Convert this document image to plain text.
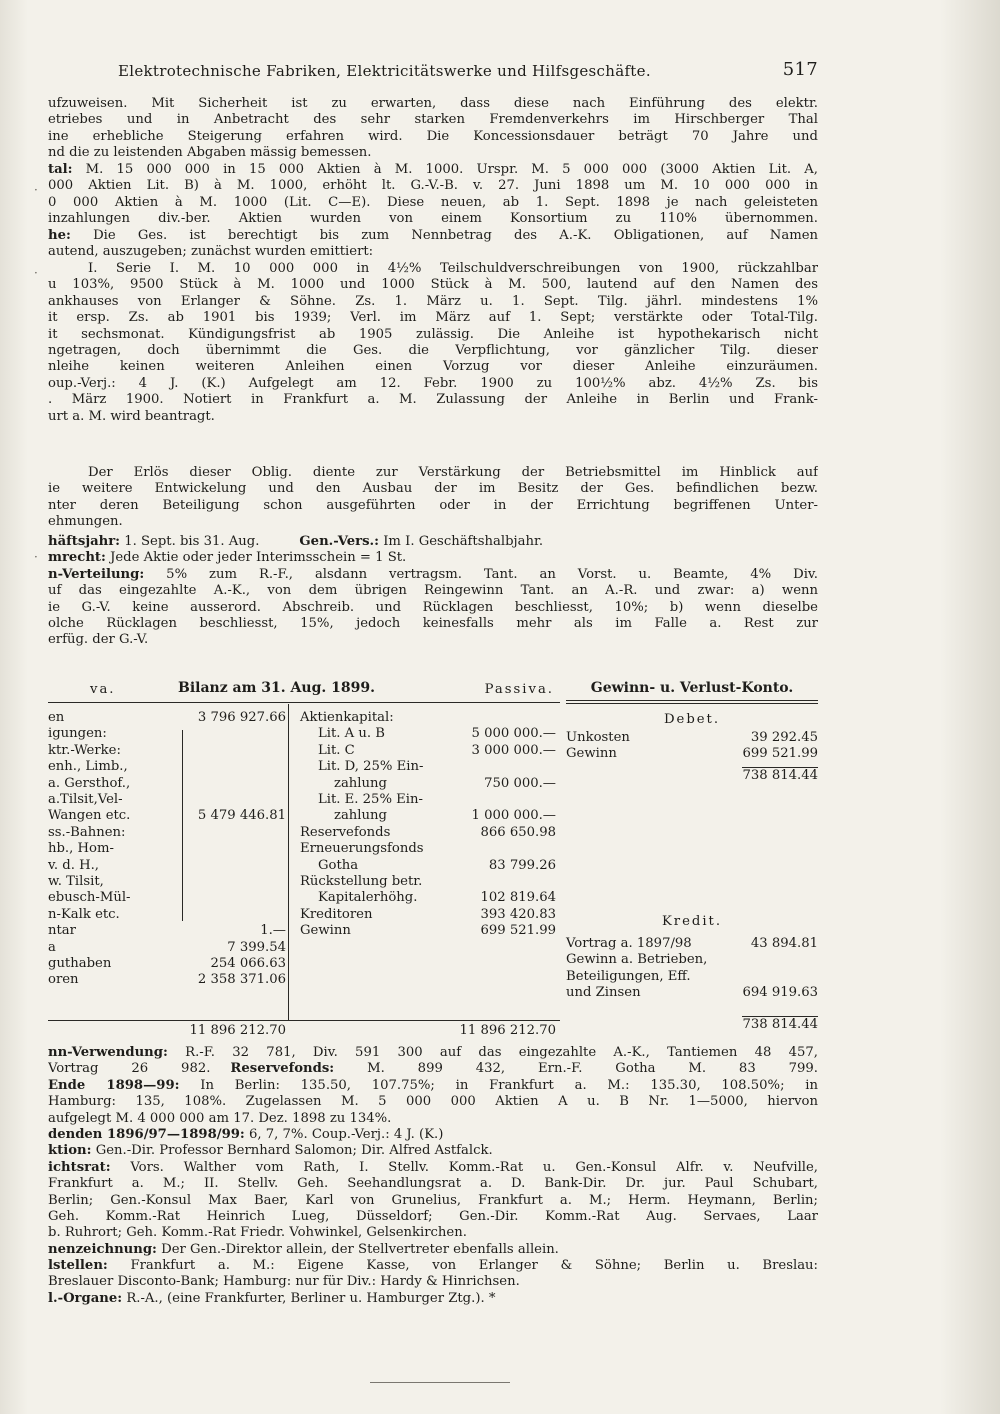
Elektrotechnische Fabriken, Elektricitätswerke und Hilfsgeschäfte.	517
ufzuweisen. Mit Sicherheit ist zu erwarten, dass diese nach Einführung des elektr.
etriebes und in Anbetracht des sehr starken Fremdenverkehrs im Hirschberger Thal
ine erhebliche Steigerung erfahren wird. Die Koncessionsdauer beträgt 70 Jahre und
nd die zu leistenden Abgaben mässig bemessen.
tal: M. 15 000 000 in 15 000 Aktien à M. 1000. Urspr. M. 5 000 000 (3000 Aktien Lit. A,
000 Aktien Lit. B) à M. 1000, erhöht lt. G.-V.-B. v. 27. Juni 1898 um M. 10 000 000 in
0 000 Aktien à M. 1000 (Lit. C—E). Diese neuen, ab 1. Sept. 1898 je nach geleisteten
inzahlungen div.-ber. Aktien wurden von einem Konsortium zu 110% übernommen.
he: Die Ges. ist berechtigt bis zum Nennbetrag des A.-K. Obligationen, auf Namen
autend, auszugeben; zunächst wurden emittiert:
I. Serie I. M. 10 000 000 in 4½% Teilschuldverschreibungen von 1900, rückzahlbar
u 103%, 9500 Stück à M. 1000 und 1000 Stück à M. 500, lautend auf den Namen des
ankhauses von Erlanger & Söhne. Zs. 1. März u. 1. Sept. Tilg. jährl. mindestens 1%
it ersp. Zs. ab 1901 bis 1939; Verl. im März auf 1. Sept; verstärkte oder Total-Tilg.
it sechsmonat. Kündigungsfrist ab 1905 zulässig. Die Anleihe ist hypothekarisch nicht
ngetragen, doch übernimmt die Ges. die Verpflichtung, vor gänzlicher Tilg. dieser
nleihe keinen weiteren Anleihen einen Vorzug vor dieser Anleihe einzuräumen.
oup.-Verj.: 4 J. (K.) Aufgelegt am 12. Febr. 1900 zu 100½% abz. 4½% Zs. bis
. März 1900. Notiert in Frankfurt a. M. Zulassung der Anleihe in Berlin und Frank-
urt a. M. wird beantragt.
Der Erlös dieser Oblig. diente zur Verstärkung der Betriebsmittel im Hinblick auf
ie weitere Entwickelung und den Ausbau der im Besitz der Ges. befindlichen bezw.
nter deren Beteiligung schon ausgeführten oder in der Errichtung begriffenen Unter-
ehmungen.
häftsjahr: 1. Sept. bis 31. Aug.	Gen.-Vers.: Im I. Geschäftshalbjahr.
mrecht: Jede Aktie oder jeder Interimsschein = 1 St.
n-Verteilung: 5% zum R.-F., alsdann vertragsm. Tant. an Vorst. u. Beamte, 4% Div.
uf das eingezahlte A.-K., von dem übrigen Reingewinn Tant. an A.-R. und zwar: a) wenn
ie G.-V. keine ausserord. Abschreib. und Rücklagen beschliesst, 10%; b) wenn dieselbe
olche Rücklagen beschliesst, 15%, jedoch keinesfalls mehr als im Falle a. Rest zur
erfüg. der G.-V.
va.	Bilanz am 31. Aug. 1899.	Passiva.
en	3 796 927.66
igungen:
ktr.-Werke:
enh., Limb.,
a. Gersthof.,
a.Tilsit,Vel-
Wangen etc.	5 479 446.81
ss.-Bahnen:
hb., Hom-
v. d. H.,
w. Tilsit,
ebusch-Mül-
n-Kalk etc.
ntar	1.—
a	7 399.54
guthaben	254 066.63
oren	2 358 371.06
11 896 212.70
Aktienkapital:
Lit. A u. B	5 000 000.—
Lit. C	3 000 000.—
Lit. D, 25% Ein-
zahlung	750 000.—
Lit. E. 25% Ein-
zahlung	1 000 000.—
Reservefonds	866 650.98
Erneuerungsfonds
Gotha	83 799.26
Rückstellung betr.
Kapitalerhöhg.	102 819.64
Kreditoren	393 420.83
Gewinn	699 521.99
11 896 212.70
Gewinn- u. Verlust-Konto.
Debet.
Unkosten	39 292.45
Gewinn	699 521.99
738 814.44
Kredit.
Vortrag a. 1897/98	43 894.81
Gewinn a. Betrieben,
Beteiligungen, Eff.
und Zinsen	694 919.63
738 814.44
nn-Verwendung: R.-F. 32 781, Div. 591 300 auf das eingezahlte A.-K., Tantiemen 48 457,
Vortrag 26 982. Reservefonds: M. 899 432, Ern.-F. Gotha M. 83 799.
Ende 1898—99: In Berlin: 135.50, 107.75%; in Frankfurt a. M.: 135.30, 108.50%; in
Hamburg: 135, 108%. Zugelassen M. 5 000 000 Aktien A u. B Nr. 1—5000, hiervon
aufgelegt M. 4 000 000 am 17. Dez. 1898 zu 134%.
denden 1896/97—1898/99: 6, 7, 7%. Coup.-Verj.: 4 J. (K.)
ktion: Gen.-Dir. Professor Bernhard Salomon; Dir. Alfred Astfalck.
ichtsrat: Vors. Walther vom Rath, I. Stellv. Komm.-Rat u. Gen.-Konsul Alfr. v. Neufville,
Frankfurt a. M.; II. Stellv. Geh. Seehandlungsrat a. D. Bank-Dir. Dr. jur. Paul Schubart,
Berlin; Gen.-Konsul Max Baer, Karl von Grunelius, Frankfurt a. M.; Herm. Heymann, Berlin;
Geh. Komm.-Rat Heinrich Lueg, Düsseldorf; Gen.-Dir. Komm.-Rat Aug. Servaes, Laar
b. Ruhrort; Geh. Komm.-Rat Friedr. Vohwinkel, Gelsenkirchen.
nenzeichnung: Der Gen.-Direktor allein, der Stellvertreter ebenfalls allein.
lstellen: Frankfurt a. M.: Eigene Kasse, von Erlanger & Söhne; Berlin u. Breslau:
Breslauer Disconto-Bank; Hamburg: nur für Div.: Hardy & Hinrichsen.
l.-Organe: R.-A., (eine Frankfurter, Berliner u. Hamburger Ztg.). *
·
·
·
